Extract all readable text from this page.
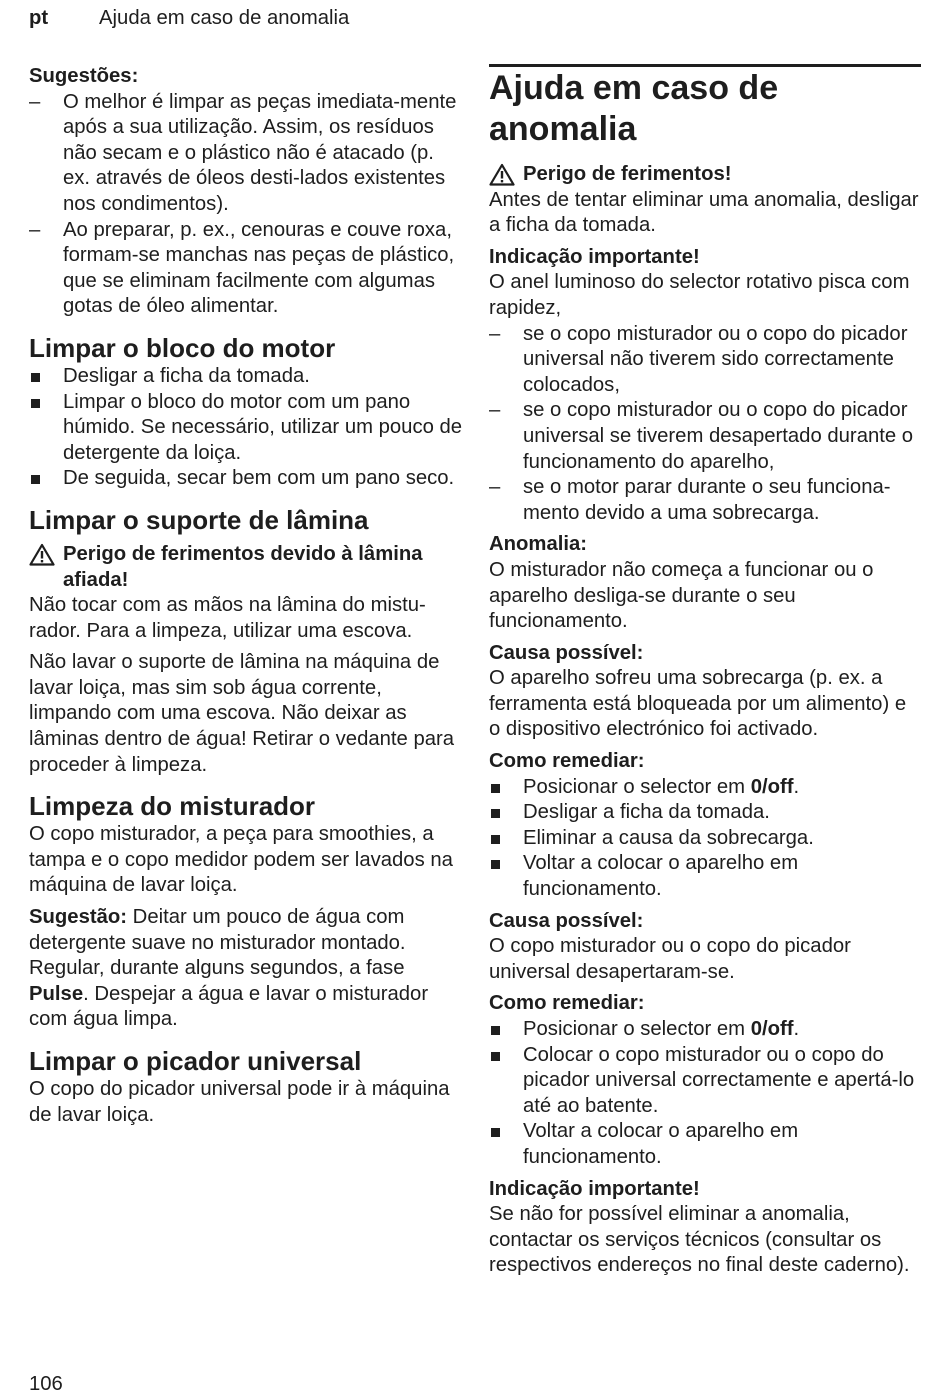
pt	Ajuda em caso de anomalia
Sugestões:
– O melhor é limpar as peças imediata-mente após a sua utilização. Assim, os resíduos não secam e o plástico não é atacado (p. ex. através de óleos desti-lados existentes nos condimentos).
– Ao preparar, p. ex., cenouras e couve roxa, formam-se manchas nas peças de plástico, que se eliminam facilmente com algumas gotas de óleo alimentar.
Limpar o bloco do motor
Desligar a ficha da tomada.
Limpar o bloco do motor com um pano húmido. Se necessário, utilizar um pouco de detergente da loiça.
De seguida, secar bem com um pano seco.
Limpar o suporte de lâmina
Perigo de ferimentos devido à lâmina afiada!

Não tocar com as mãos na lâmina do mistu-rador. Para a limpeza, utilizar uma escova.

Não lavar o suporte de lâmina na máquina de lavar loiça, mas sim sob água corrente, limpando com uma escova. Não deixar as lâminas dentro de água! Retirar o vedante para proceder à limpeza.

Limpeza do misturador

O copo misturador, a peça para smoothies, a tampa e o copo medidor podem ser lavados na máquina de lavar loiça.

Sugestão: Deitar um pouco de água com detergente suave no misturador montado. Regular, durante alguns segundos, a fase Pulse. Despejar a água e lavar o misturador com água limpa.

Limpar o picador universal

O copo do picador universal pode ir à máquina de lavar loiça.

Ajuda em caso de anomalia
Perigo de ferimentos!

Antes de tentar eliminar uma anomalia, desligar a ficha da tomada.

Indicação importante!

O anel luminoso do selector rotativo pisca com rapidez,

– se o copo misturador ou o copo do picador universal não tiverem sido correctamente colocados,
– se o copo misturador ou o copo do picador universal se tiverem desapertado durante o funcionamento do aparelho,
– se o motor parar durante o seu funciona-mento devido a uma sobrecarga.
Anomalia:

O misturador não começa a funcionar ou o aparelho desliga-se durante o seu funcionamento.

Causa possível:

O aparelho sofreu uma sobrecarga (p. ex. a ferramenta está bloqueada por um alimento) e o dispositivo electrónico foi activado.

Como remediar:
Posicionar o selector em 0/off.
Desligar a ficha da tomada.
Eliminar a causa da sobrecarga.
Voltar a colocar o aparelho em funcionamento.
Causa possível:

O copo misturador ou o copo do picador universal desapertaram-se.

Como remediar:
Posicionar o selector em 0/off.
Colocar o copo misturador ou o copo do picador universal correctamente e apertá-lo até ao batente.
Voltar a colocar o aparelho em funcionamento.
Indicação importante!

Se não for possível eliminar a anomalia, contactar os serviços técnicos (consultar os respectivos endereços no final deste caderno).

106
